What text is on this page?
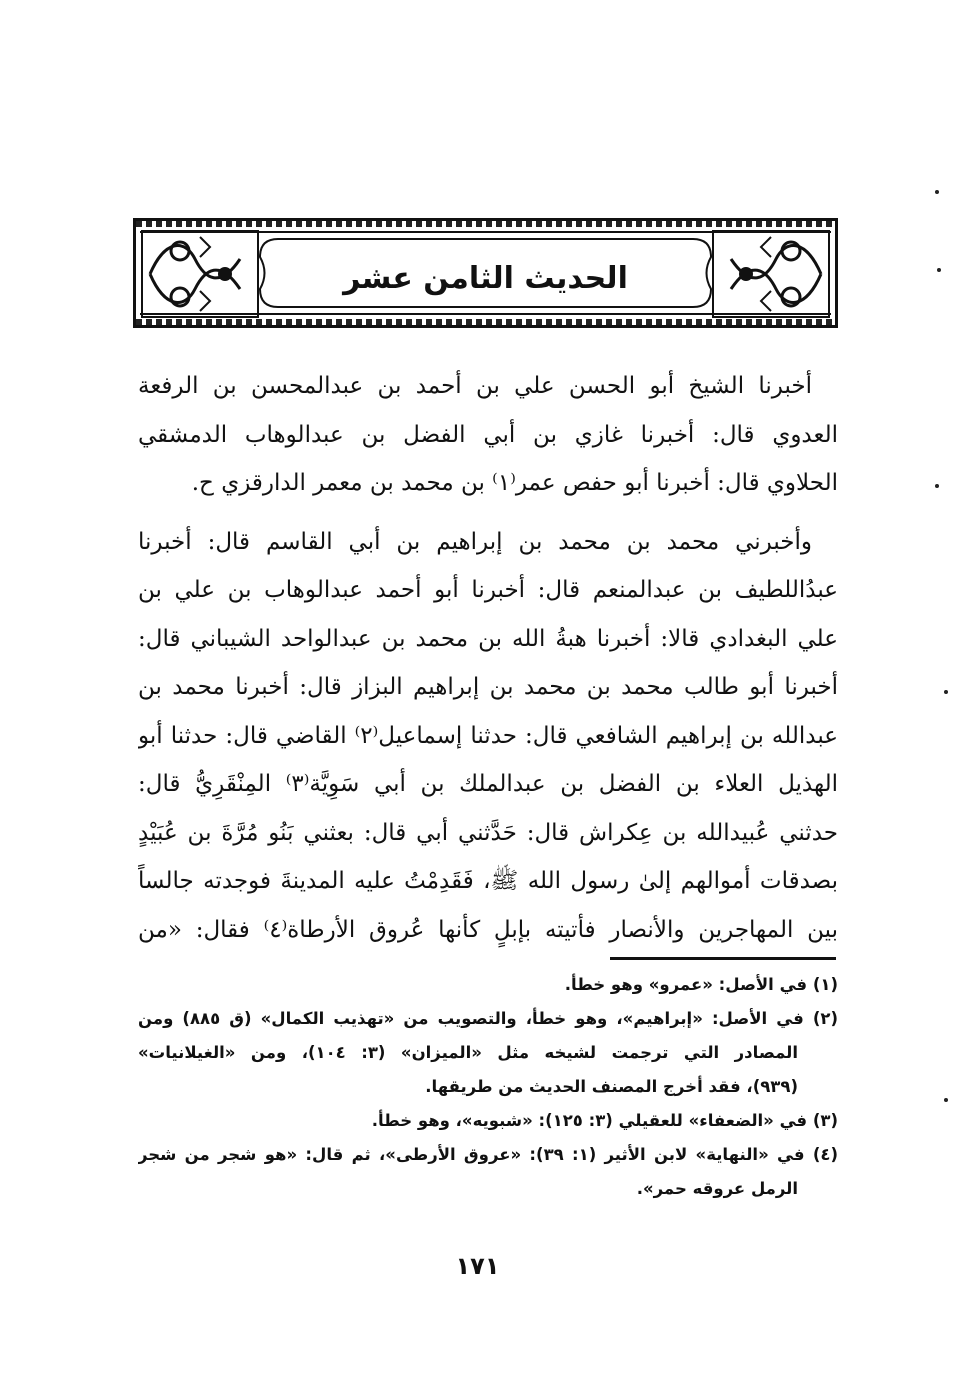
الحديث الثامن عشر
أخبرنا الشيخ أبو الحسن علي بن أحمد بن عبدالمحسن بن الرفعة
العدوي قال: أخبرنا غازي بن أبي الفضل بن عبدالوهاب الدمشقي
الحلاوي قال: أخبرنا أبو حفص عمر⁽١⁾ بن محمد بن معمر الدارقزي ح.
وأخبرني محمد بن محمد بن إبراهيم بن أبي القاسم قال: أخبرنا
عبدُاللطيف بن عبدالمنعم قال: أخبرنا أبو أحمد عبدالوهاب بن علي بن
علي البغدادي قالا: أخبرنا هبةُ الله بن محمد بن عبدالواحد الشيباني قال:
أخبرنا أبو طالب محمد بن محمد بن إبراهيم البزاز قال: أخبرنا محمد بن
عبدالله بن إبراهيم الشافعي قال: حدثنا إسماعيل⁽٢⁾ القاضي قال: حدثنا أبو
الهذيل العلاء بن الفضل بن عبدالملك بن أبي سَوِيَّة⁽٣⁾ المِنْقَرِيُّ قال:
حدثني عُبيدالله بن عِكراش قال: حَدَّثني أبي قال: بعثني بَنُو مُرَّةَ بن عُبَيْدٍ
بصدقات أموالهم إلىٰ رسول الله ﷺ، فَقَدِمْتُ عليه المدينةَ فوجدته جالساً
بين المهاجرين والأنصار فأتيته بإبلٍ كأنها عُروق الأرطاة⁽٤⁾ فقال: «من
(١) في الأصل: «عمرو» وهو خطأ.
(٢) في الأصل: «إبراهيم»، وهو خطأ، والتصويب من «تهذيب الكمال» (ق ٨٨٥) ومن
المصادر التي ترجمت لشيخه مثل «الميزان» (٣: ١٠٤)، ومن «الغيلانيات»
(٩٣٩)، فقد أخرج المصنف الحديث من طريقها.
(٣) في «الضعفاء» للعقيلي (٣: ١٢٥): «شبويه»، وهو خطأ.
(٤) في «النهاية» لابن الأثير (١: ٣٩): «عروق الأرطى»، ثم قال: «هو شجر من شجر
الرمل عروقه حمر».
١٧١
